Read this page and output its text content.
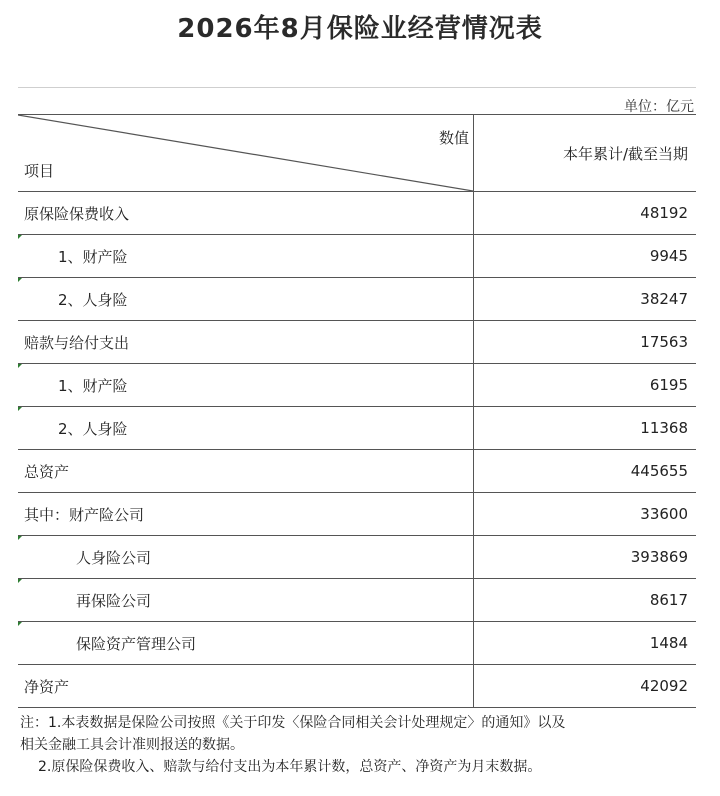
2026年8月保险业经营情况表
单位：亿元
数值
项目	本年累计/截至当期
原保险保费收入	48192

1、财产险	9945

2、人身险	38247
赔款与给付支出	17563

1、财产险	6195

2、人身险	11368
总资产	445655
其中：财产险公司	33600

人身险公司	393869

再保险公司	8617

保险资产管理公司	1484
净资产	42092
注：1.本表数据是保险公司按照《关于印发〈保险合同相关会计处理规定〉的通知》以及
相关金融工具会计准则报送的数据。
2.原保险保费收入、赔款与给付支出为本年累计数，总资产、净资产为月末数据。
